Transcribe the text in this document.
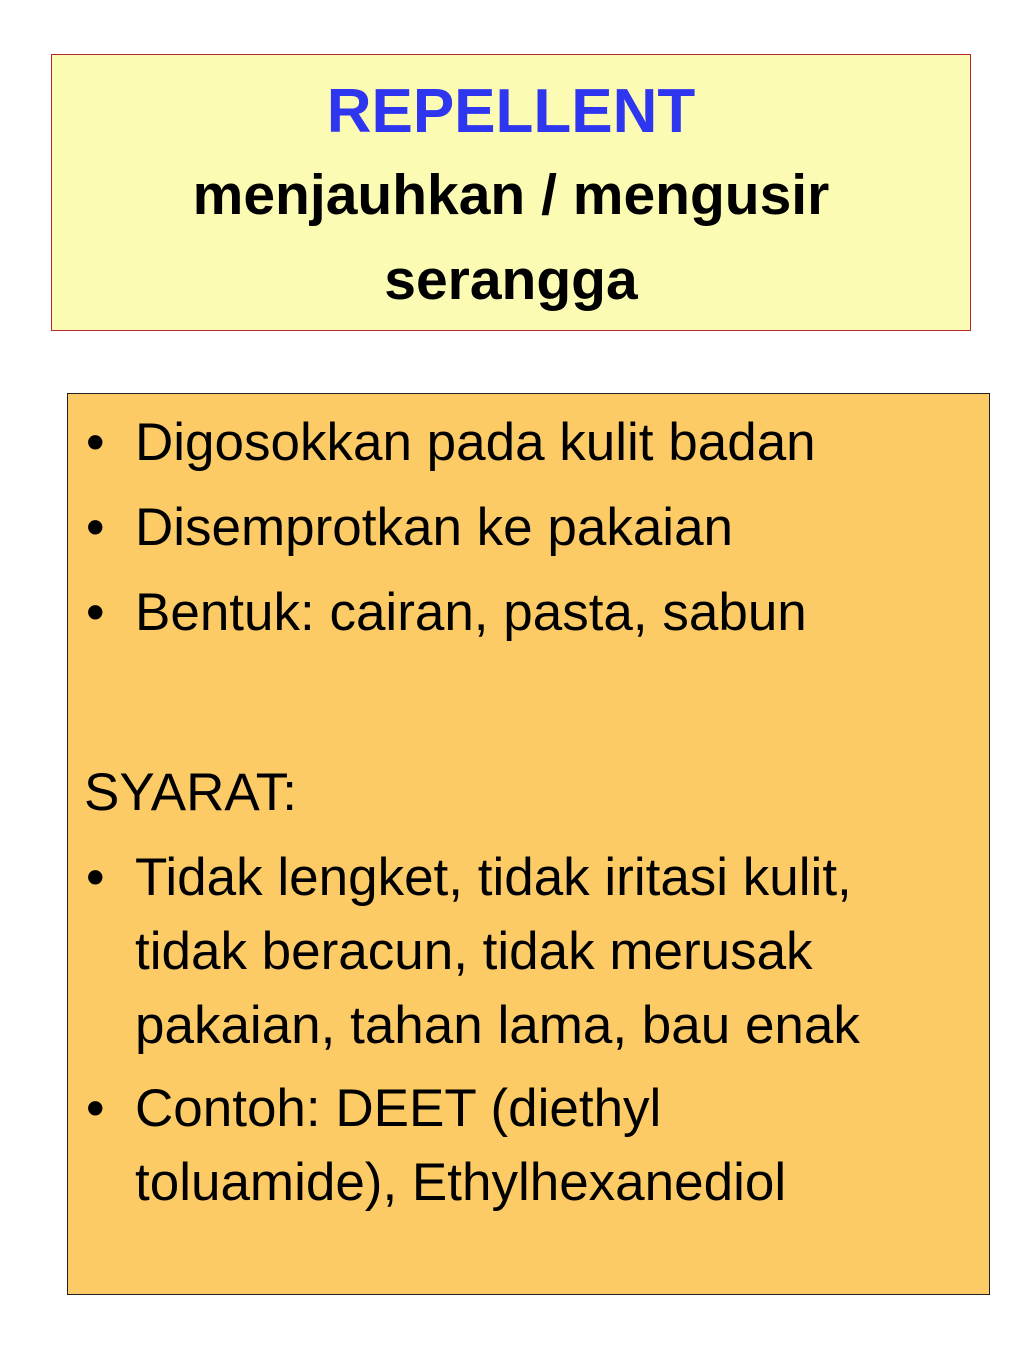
REPELLENT
menjauhkan / mengusir
serangga
• Digosokkan pada kulit badan
• Disemprotkan ke pakaian
• Bentuk: cairan, pasta, sabun
SYARAT:
• Tidak lengket, tidak iritasi kulit,
tidak beracun, tidak merusak
pakaian, tahan lama, bau enak
• Contoh: DEET (diethyl
toluamide), Ethylhexanediol
